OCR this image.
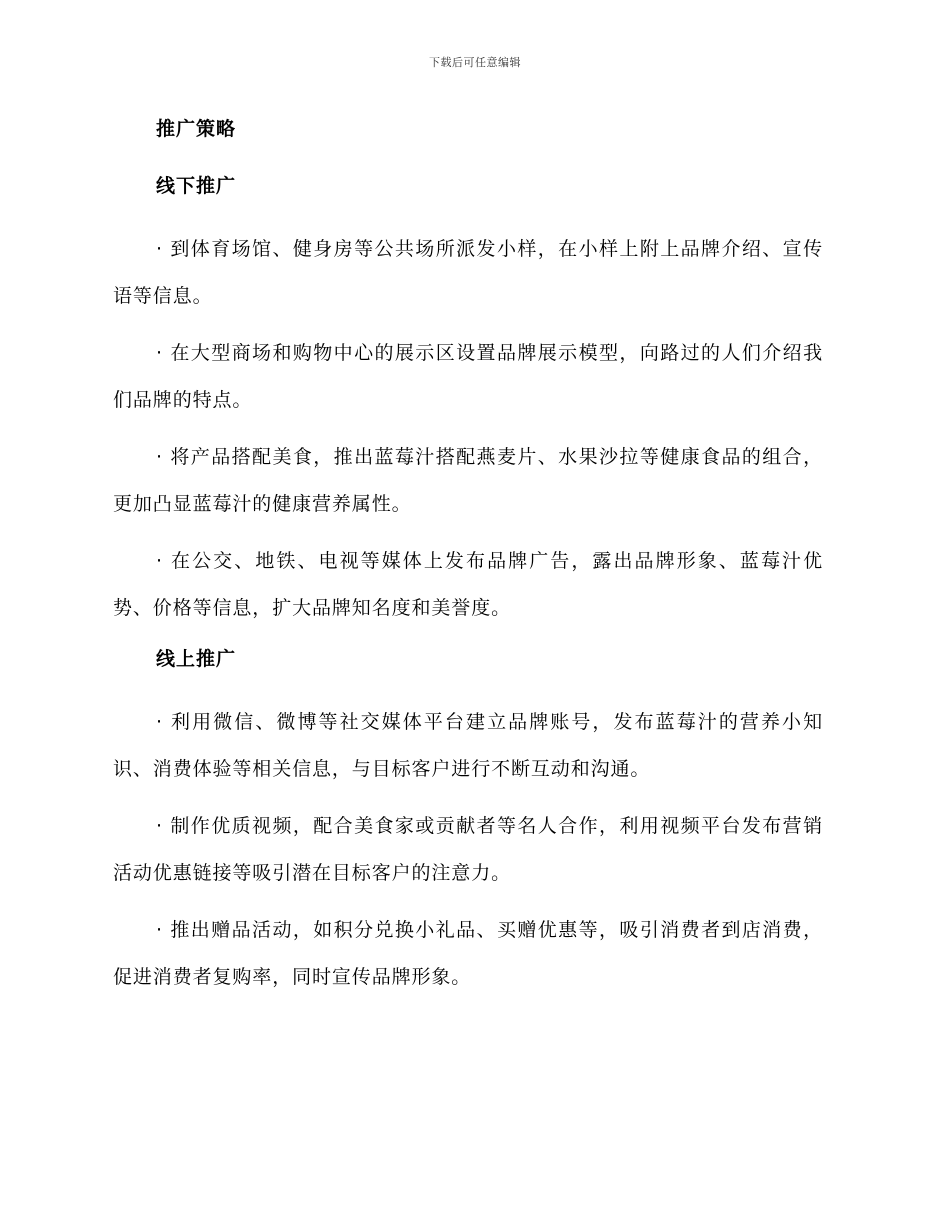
下载后可任意编辑
推广策略
线下推广

· 到体育场馆、健身房等公共场所派发小样，在小样上附上品牌介绍、宣传语等信息。

· 在大型商场和购物中心的展示区设置品牌展示模型，向路过的人们介绍我们品牌的特点。

· 将产品搭配美食，推出蓝莓汁搭配燕麦片、水果沙拉等健康食品的组合，更加凸显蓝莓汁的健康营养属性。

· 在公交、地铁、电视等媒体上发布品牌广告，露出品牌形象、蓝莓汁优势、价格等信息，扩大品牌知名度和美誉度。

线上推广

· 利用微信、微博等社交媒体平台建立品牌账号，发布蓝莓汁的营养小知识、消费体验等相关信息，与目标客户进行不断互动和沟通。

· 制作优质视频，配合美食家或贡献者等名人合作，利用视频平台发布营销活动优惠链接等吸引潜在目标客户的注意力。

· 推出赠品活动，如积分兑换小礼品、买赠优惠等，吸引消费者到店消费，促进消费者复购率，同时宣传品牌形象。
